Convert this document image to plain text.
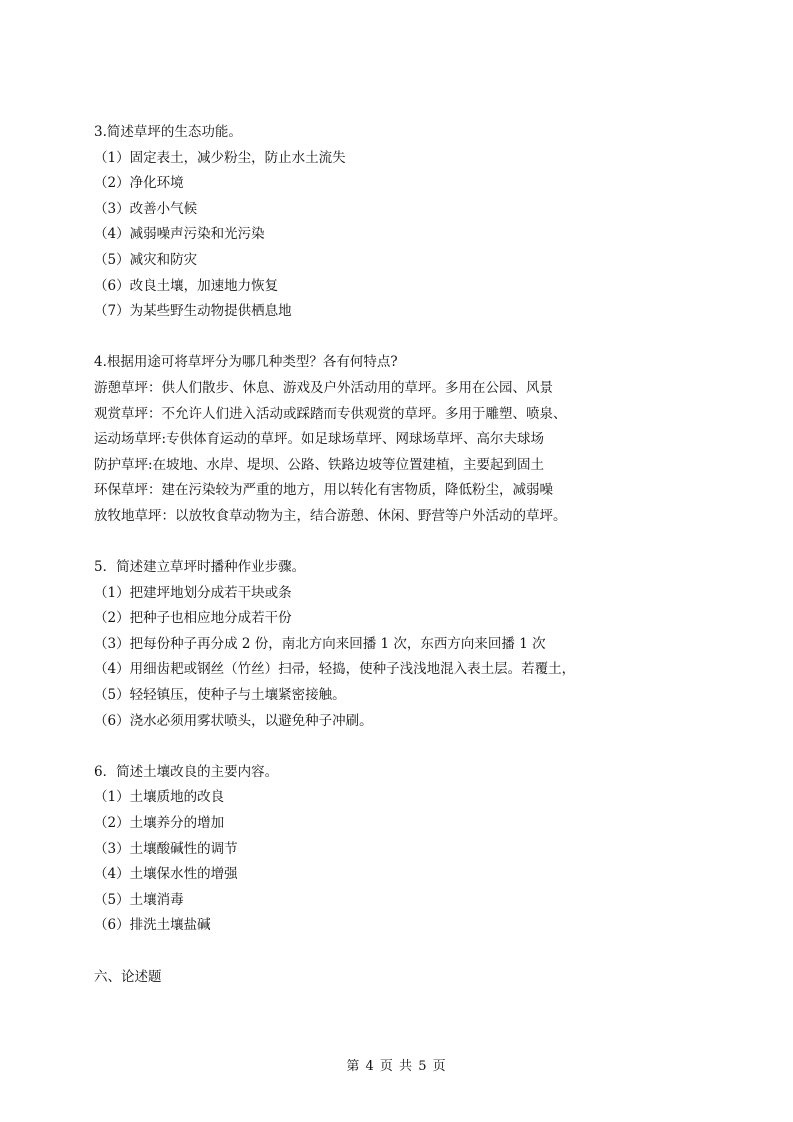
3.简述草坪的生态功能。
（1）固定表土，减少粉尘，防止水土流失
（2）净化环境
（3）改善小气候
（4）减弱噪声污染和光污染
（5）减灾和防灾
（6）改良土壤，加速地力恢复
（7）为某些野生动物提供栖息地
4.根据用途可将草坪分为哪几种类型？各有何特点?
游憩草坪：供人们散步、休息、游戏及户外活动用的草坪。多用在公园、风景
观赏草坪：不允许人们进入活动或踩踏而专供观赏的草坪。多用于雕塑、喷泉、
运动场草坪:专供体育运动的草坪。如足球场草坪、网球场草坪、高尔夫球场
防护草坪:在坡地、水岸、堤坝、公路、铁路边坡等位置建植，主要起到固土
环保草坪：建在污染较为严重的地方，用以转化有害物质，降低粉尘，减弱噪
放牧地草坪：以放牧食草动物为主，结合游憩、休闲、野营等户外活动的草坪。
5．简述建立草坪时播种作业步骤。
（1）把建坪地划分成若干块或条
（2）把种子也相应地分成若干份
（3）把每份种子再分成 2 份，南北方向来回播 1 次，东西方向来回播 1 次
（4）用细齿耙或钢丝（竹丝）扫帚，轻捣，使种子浅浅地混入表土层。若覆土，
（5）轻轻镇压，使种子与土壤紧密接触。
（6）浇水必须用雾状喷头，以避免种子冲刷。
6．简述土壤改良的主要内容。
（1）土壤质地的改良
（2）土壤养分的增加
（3）土壤酸碱性的调节
（4）土壤保水性的增强
（5）土壤消毒
（6）排洗土壤盐碱
六、论述题
第 4 页 共 5 页
